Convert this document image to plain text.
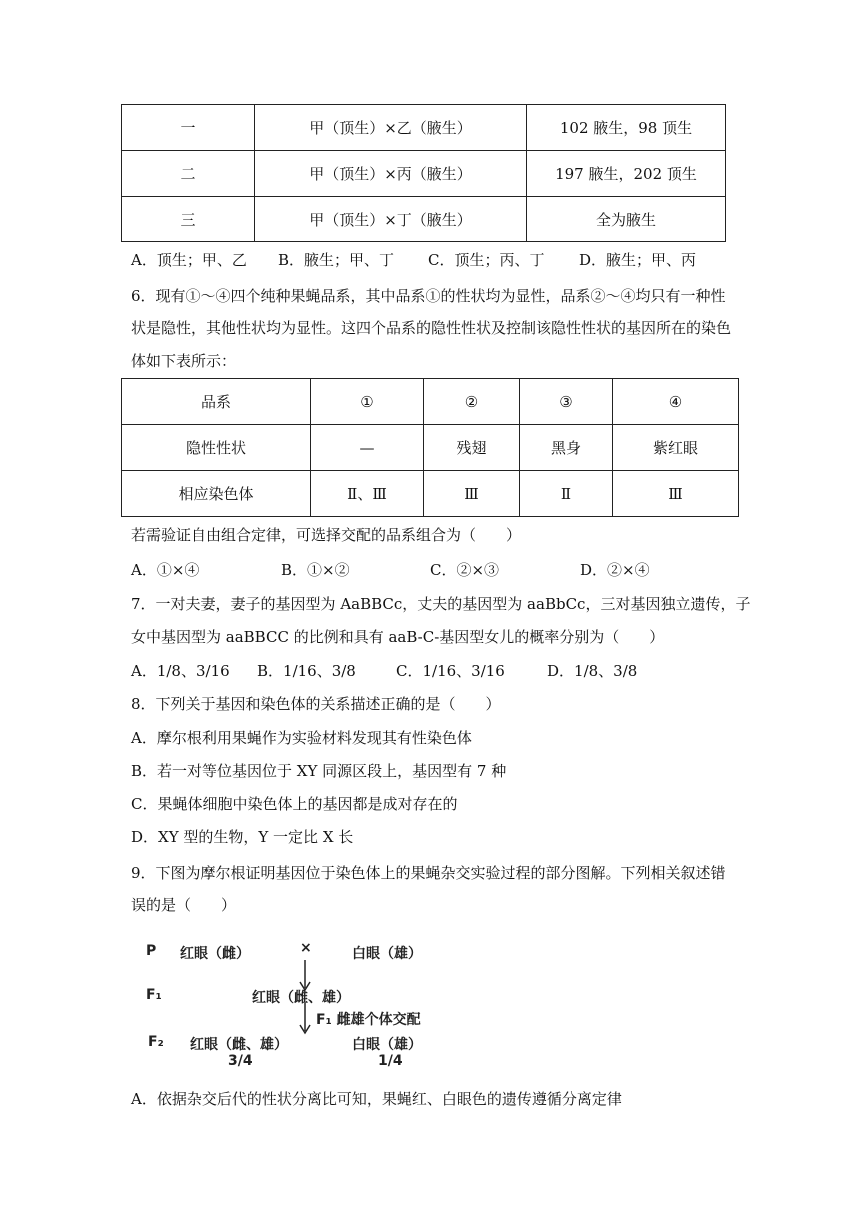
一	甲（顶生）×乙（腋生）	102 腋生，98 顶生
二	甲（顶生）×丙（腋生）	197 腋生，202 顶生
三	甲（顶生）×丁（腋生）	全为腋生
A．顶生；甲、乙 B．腋生；甲、丁 C．顶生；丙、丁 D．腋生；甲、丙
6．现有①～④四个纯种果蝇品系，其中品系①的性状均为显性，品系②～④均只有一种性
状是隐性，其他性状均为显性。这四个品系的隐性性状及控制该隐性性状的基因所在的染色
体如下表所示：
品系	①	②	③	④
隐性性状	—	残翅	黑身	紫红眼
相应染色体	Ⅱ、Ⅲ	Ⅲ	Ⅱ	Ⅲ
若需验证自由组合定律，可选择交配的品系组合为（　　）
A．①×④	B．①×②	C．②×③	D．②×④
7．一对夫妻，妻子的基因型为 AaBBCc，丈夫的基因型为 aaBbCc，三对基因独立遗传，子
女中基因型为 aaBBCC 的比例和具有 aaB-C-基因型女儿的概率分别为（　　）
A．1/8、3/16 B．1/16、3/8	C．1/16、3/16	D．1/8、3/8
8．下列关于基因和染色体的关系描述正确的是（　　）
A．摩尔根利用果蝇作为实验材料发现其有性染色体
B．若一对等位基因位于 XY 同源区段上，基因型有 7 种
C．果蝇体细胞中染色体上的基因都是成对存在的
D．XY 型的生物，Y 一定比 X 长
9．下图为摩尔根证明基因位于染色体上的果蝇杂交实验过程的部分图解。下列相关叙述错
误的是（　　）
P 红眼（雌）	×	白眼（雄）
F₁	红眼（雌、雄）
F₁ 雌雄个体交配
F₂ 红眼（雌、雄）
3/4
白眼（雄）
1/4
A．依据杂交后代的性状分离比可知，果蝇红、白眼色的遗传遵循分离定律
